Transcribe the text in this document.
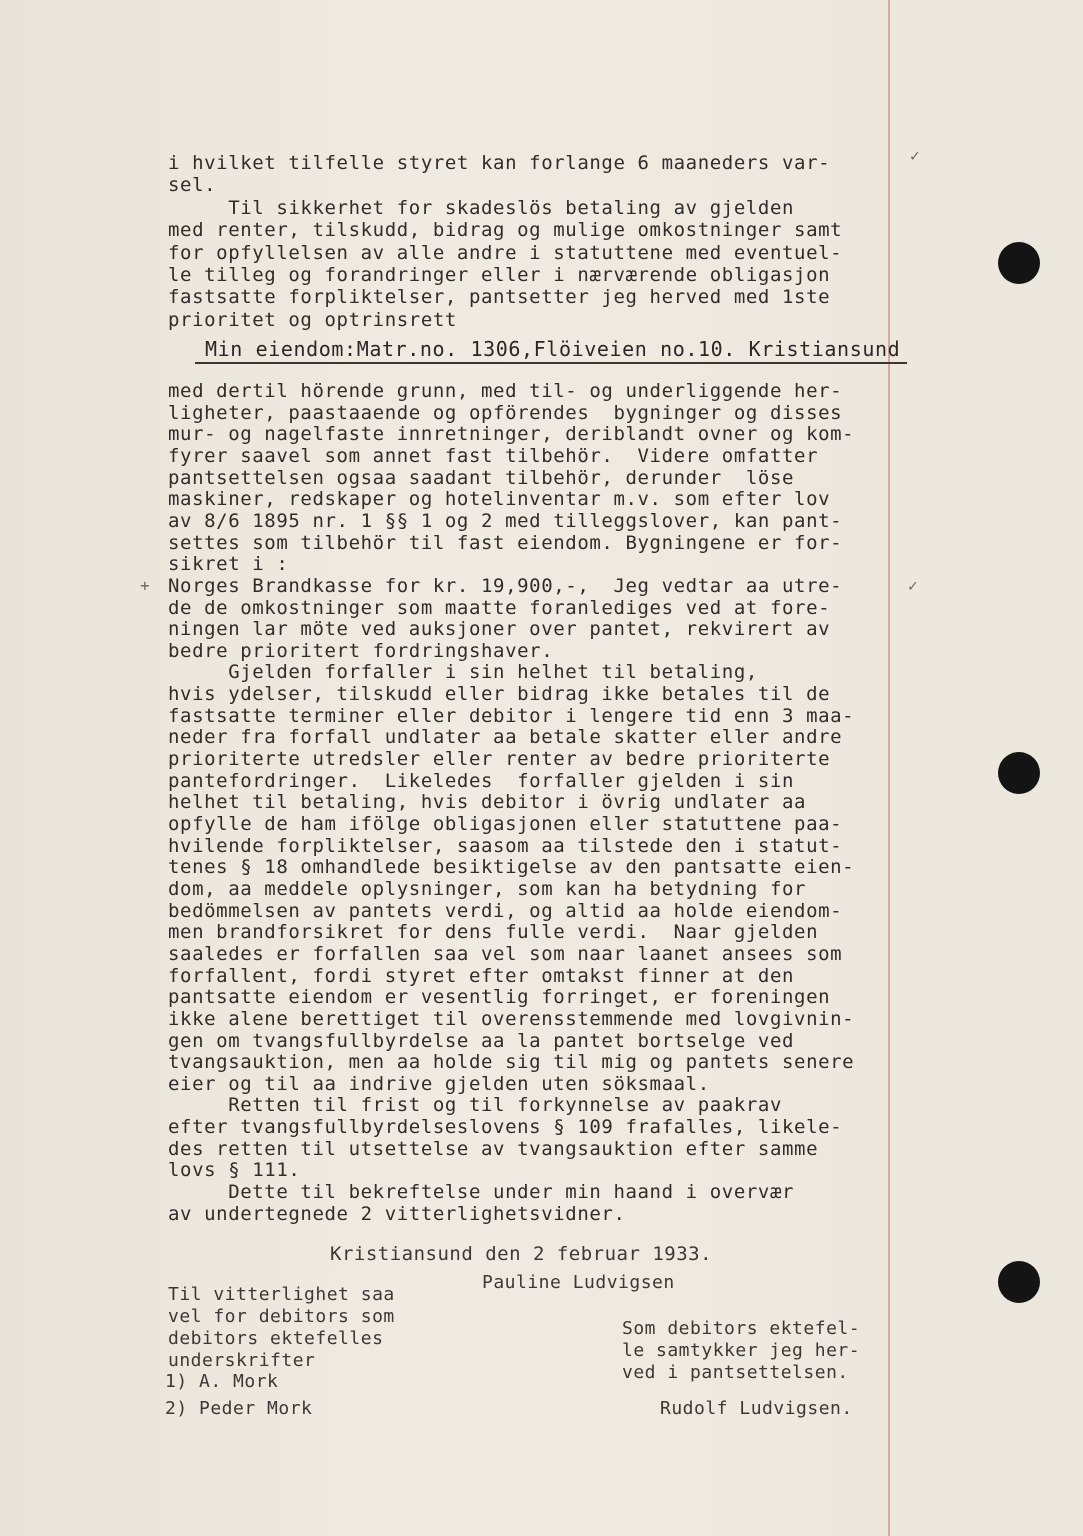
✓
✓
+
i hvilket tilfelle styret kan forlange 6 maaneders var-
sel.
Til sikkerhet for skadeslös betaling av gjelden
med renter, tilskudd, bidrag og mulige omkostninger samt
for opfyllelsen av alle andre i statuttene med eventuel-
le tilleg og forandringer eller i nærværende obligasjon
fastsatte forpliktelser, pantsetter jeg herved med 1ste
prioritet og optrinsrett
Min eiendom:Matr.no. 1306,Flöiveien no.10. Kristiansund
med dertil hörende grunn, med til- og underliggende her-
ligheter, paastaaende og opförendes  bygninger og disses
mur- og nagelfaste innretninger, deriblandt ovner og kom-
fyrer saavel som annet fast tilbehör.  Videre omfatter
pantsettelsen ogsaa saadant tilbehör, derunder  löse
maskiner, redskaper og hotelinventar m.v. som efter lov
av 8/6 1895 nr. 1 §§ 1 og 2 med tilleggslover, kan pant-
settes som tilbehör til fast eiendom. Bygningene er for-
sikret i :
Norges Brandkasse for kr. 19,900,-,  Jeg vedtar aa utre-
de de omkostninger som maatte foranlediges ved at fore-
ningen lar möte ved auksjoner over pantet, rekvirert av
bedre prioritert fordringshaver.
Gjelden forfaller i sin helhet til betaling,
hvis ydelser, tilskudd eller bidrag ikke betales til de
fastsatte terminer eller debitor i lengere tid enn 3 maa-
neder fra forfall undlater aa betale skatter eller andre
prioriterte utredsler eller renter av bedre prioriterte
pantefordringer.  Likeledes  forfaller gjelden i sin
helhet til betaling, hvis debitor i övrig undlater aa
opfylle de ham ifölge obligasjonen eller statuttene paa-
hvilende forpliktelser, saasom aa tilstede den i statut-
tenes § 18 omhandlede besiktigelse av den pantsatte eien-
dom, aa meddele oplysninger, som kan ha betydning for
bedömmelsen av pantets verdi, og altid aa holde eiendom-
men brandforsikret for dens fulle verdi.  Naar gjelden
saaledes er forfallen saa vel som naar laanet ansees som
forfallent, fordi styret efter omtakst finner at den
pantsatte eiendom er vesentlig forringet, er foreningen
ikke alene berettiget til overensstemmende med lovgivnin-
gen om tvangsfullbyrdelse aa la pantet bortselge ved
tvangsauktion, men aa holde sig til mig og pantets senere
eier og til aa indrive gjelden uten söksmaal.
Retten til frist og til forkynnelse av paakrav
efter tvangsfullbyrdelseslovens § 109 frafalles, likele-
des retten til utsettelse av tvangsauktion efter samme
lovs § 111.
Dette til bekreftelse under min haand i overvær
av undertegnede 2 vitterlighetsvidner.
Kristiansund den 2 februar 1933.
Pauline Ludvigsen
Til vitterlighet saa
vel for debitors som
debitors ektefelles
underskrifter
1) A. Mork
2) Peder Mork
Som debitors ektefel-
le samtykker jeg her-
ved i pantsettelsen.
Rudolf Ludvigsen.
